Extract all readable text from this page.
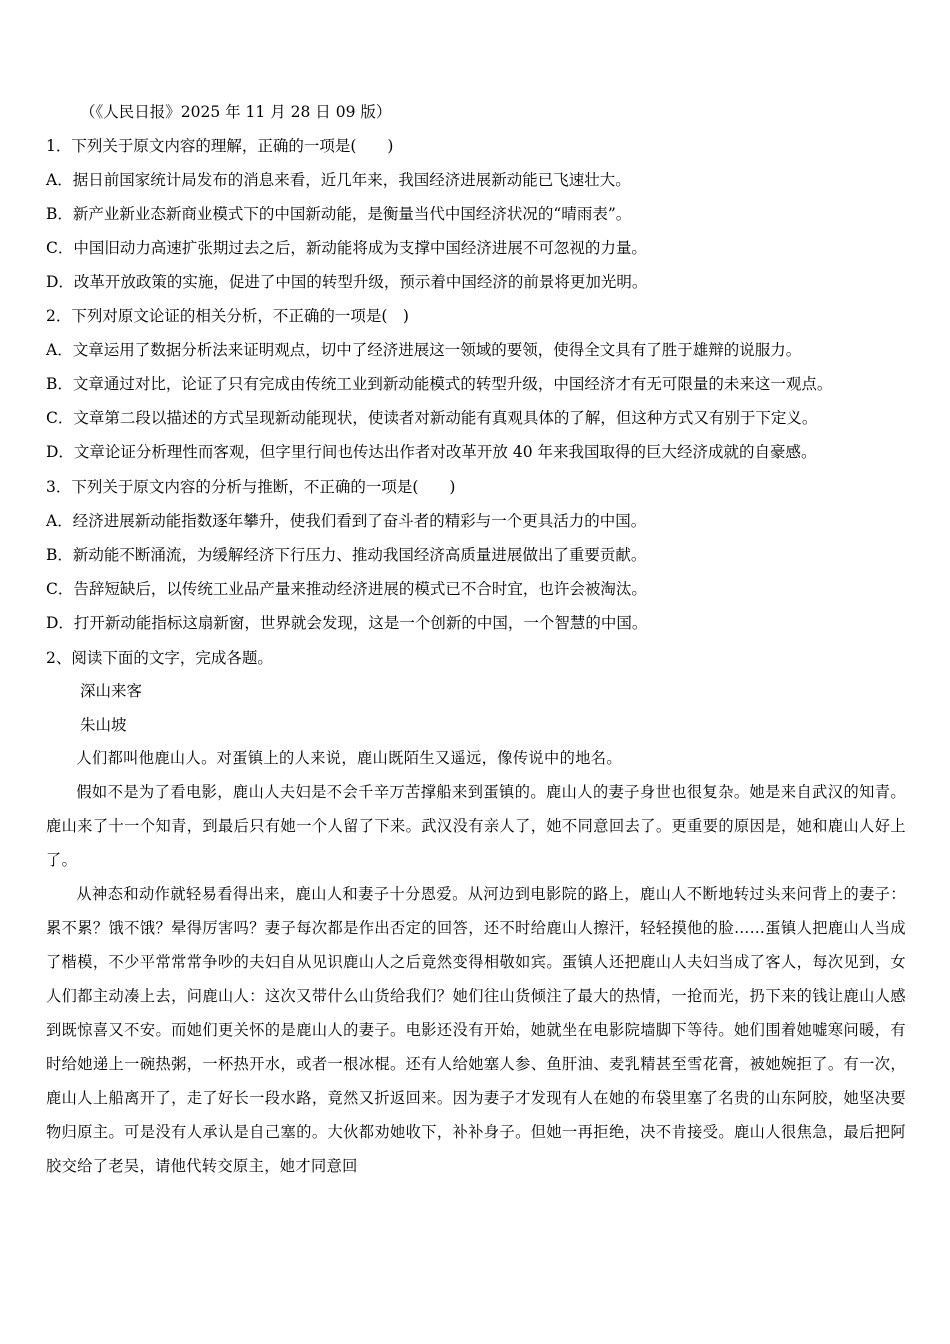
（《人民日报》2025 年 11 月 28 日 09 版）
1．下列关于原文内容的理解，正确的一项是(　　)
A．据日前国家统计局发布的消息来看，近几年来，我国经济进展新动能已飞速壮大。
B．新产业新业态新商业模式下的中国新动能，是衡量当代中国经济状况的“晴雨表”。
C．中国旧动力高速扩张期过去之后，新动能将成为支撑中国经济进展不可忽视的力量。
D．改革开放政策的实施，促进了中国的转型升级，预示着中国经济的前景将更加光明。
2．下列对原文论证的相关分析，不正确的一项是(　)
A．文章运用了数据分析法来证明观点，切中了经济进展这一领域的要领，使得全文具有了胜于雄辩的说服力。
B．文章通过对比，论证了只有完成由传统工业到新动能模式的转型升级，中国经济才有无可限量的未来这一观点。
C．文章第二段以描述的方式呈现新动能现状，使读者对新动能有真观具体的了解，但这种方式又有别于下定义。
D．文章论证分析理性而客观，但字里行间也传达出作者对改革开放 40 年来我国取得的巨大经济成就的自豪感。
3．下列关于原文内容的分析与推断，不正确的一项是(　　)
A．经济进展新动能指数逐年攀升，使我们看到了奋斗者的精彩与一个更具活力的中国。
B．新动能不断涌流，为缓解经济下行压力、推动我国经济高质量进展做出了重要贡献。
C．告辞短缺后，以传统工业品产量来推动经济进展的模式已不合时宜，也许会被淘汰。
D．打开新动能指标这扇新窗，世界就会发现，这是一个创新的中国，一个智慧的中国。
2、阅读下面的文字，完成各题。
深山来客
朱山坡

人们都叫他鹿山人。对蛋镇上的人来说，鹿山既陌生又遥远，像传说中的地名。

假如不是为了看电影，鹿山人夫妇是不会千辛万苦撑船来到蛋镇的。鹿山人的妻子身世也很复杂。她是来自武汉的知青。鹿山来了十一个知青，到最后只有她一个人留了下来。武汉没有亲人了，她不同意回去了。更重要的原因是，她和鹿山人好上了。

从神态和动作就轻易看得出来，鹿山人和妻子十分恩爱。从河边到电影院的路上，鹿山人不断地转过头来问背上的妻子：累不累？饿不饿？晕得厉害吗？妻子每次都是作出否定的回答，还不时给鹿山人擦汗，轻轻摸他的脸……蛋镇人把鹿山人当成了楷模，不少平常常常争吵的夫妇自从见识鹿山人之后竟然变得相敬如宾。蛋镇人还把鹿山人夫妇当成了客人，每次见到，女人们都主动凑上去，问鹿山人：这次又带什么山货给我们？她们往山货倾注了最大的热情，一抢而光，扔下来的钱让鹿山人感到既惊喜又不安。而她们更关怀的是鹿山人的妻子。电影还没有开始，她就坐在电影院墙脚下等待。她们围着她嘘寒问暖，有时给她递上一碗热粥，一杯热开水，或者一根冰棍。还有人给她塞人参、鱼肝油、麦乳精甚至雪花膏，被她婉拒了。有一次，鹿山人上船离开了，走了好长一段水路，竟然又折返回来。因为妻子才发现有人在她的布袋里塞了名贵的山东阿胶，她坚决要物归原主。可是没有人承认是自己塞的。大伙都劝她收下，补补身子。但她一再拒绝，决不肯接受。鹿山人很焦急，最后把阿胶交给了老吴，请他代转交原主，她才同意回
